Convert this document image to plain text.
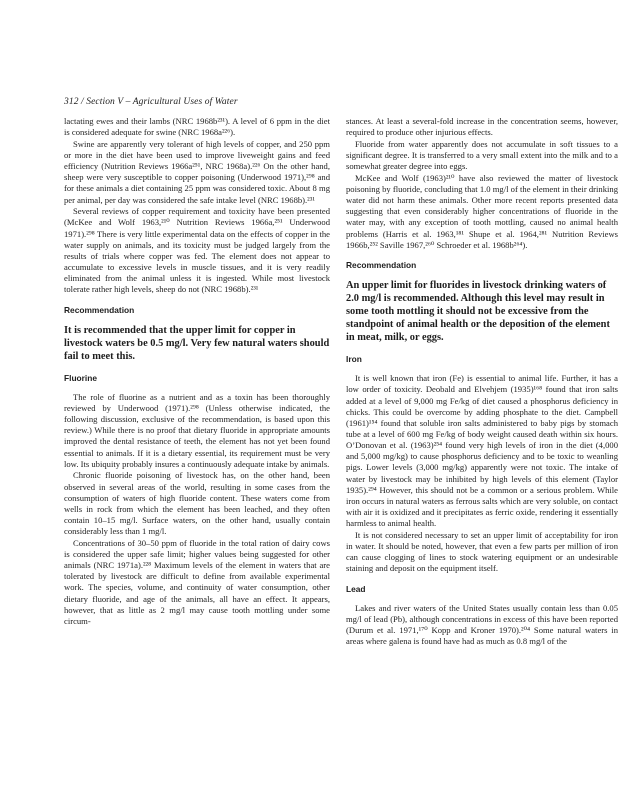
312 / Section V – Agricultural Uses of Water

lactating ewes and their lambs (NRC 1968b²³¹). A level of 6 ppm in the diet is considered adequate for swine (NRC 1968a²²⁶).

Swine are apparently very tolerant of high levels of copper, and 250 ppm or more in the diet have been used to improve liveweight gains and feed efficiency (Nutrition Reviews 1966a²⁵¹, NRC 1968a).²²⁶ On the other hand, sheep were very susceptible to copper poisoning (Underwood 1971),²⁹⁸ and for these animals a diet containing 25 ppm was considered toxic. About 8 mg per animal, per day was considered the safe intake level (NRC 1968b).²³¹

Several reviews of copper requirement and toxicity have been presented (McKee and Wolf 1963,²¹⁰ Nutrition Reviews 1966a,²⁵¹ Underwood 1971).²⁹⁸ There is very little experimental data on the effects of copper in the water supply on animals, and its toxicity must be judged largely from the results of trials where copper was fed. The element does not appear to accumulate to excessive levels in muscle tissues, and it is very readily eliminated from the animal unless it is ingested. While most livestock tolerate rather high levels, sheep do not (NRC 1968b).²³¹

Recommendation

It is recommended that the upper limit for copper in livestock waters be 0.5 mg/l. Very few natural waters should fail to meet this.

Fluorine

The role of fluorine as a nutrient and as a toxin has been thoroughly reviewed by Underwood (1971).²⁹⁸ (Unless otherwise indicated, the following discussion, exclusive of the recommendation, is based upon this review.) While there is no proof that dietary fluoride in appropriate amounts improved the dental resistance of teeth, the element has not yet been found essential to animals. If it is a dietary essential, its requirement must be very low. Its ubiquity probably insures a continuously adequate intake by animals.

Chronic fluoride poisoning of livestock has, on the other hand, been observed in several areas of the world, resulting in some cases from the consumption of waters of high fluoride content. These waters come from wells in rock from which the element has been leached, and they often contain 10–15 mg/l. Surface waters, on the other hand, usually contain considerably less than 1 mg/l.

Concentrations of 30–50 ppm of fluoride in the total ration of dairy cows is considered the upper safe limit; higher values being suggested for other animals (NRC 1971a).²²⁸ Maximum levels of the element in waters that are tolerated by livestock are difficult to define from available experimental work. The species, volume, and continuity of water consumption, other dietary fluoride, and age of the animals, all have an effect. It appears, however, that as little as 2 mg/l may cause tooth mottling under some circum-

stances. At least a several-fold increase in the concentration seems, however, required to produce other injurious effects.

Fluoride from water apparently does not accumulate in soft tissues to a significant degree. It is transferred to a very small extent into the milk and to a somewhat greater degree into eggs.

McKee and Wolf (1963)²¹⁰ have also reviewed the matter of livestock poisoning by fluoride, concluding that 1.0 mg/l of the element in their drinking water did not harm these animals. Other more recent reports presented data suggesting that even considerably higher concentrations of fluoride in the water may, with any exception of tooth mottling, caused no animal health problems (Harris et al. 1963,¹⁸¹ Shupe et al. 1964,²⁸¹ Nutrition Reviews 1966b,²⁵² Saville 1967,²⁶⁰ Schroeder et al. 1968b²⁶⁴).

Recommendation

An upper limit for fluorides in livestock drinking waters of 2.0 mg/l is recommended. Although this level may result in some tooth mottling it should not be excessive from the standpoint of animal health or the deposition of the element in meat, milk, or eggs.

Iron

It is well known that iron (Fe) is essential to animal life. Further, it has a low order of toxicity. Deobald and Elvehjem (1935)¹⁶⁸ found that iron salts added at a level of 9,000 mg Fe/kg of diet caused a phosphorus deficiency in chicks. This could be overcome by adding phosphate to the diet. Campbell (1961)¹⁵⁴ found that soluble iron salts administered to baby pigs by stomach tube at a level of 600 mg Fe/kg of body weight caused death within six hours. O’Donovan et al. (1963)²⁵⁴ found very high levels of iron in the diet (4,000 and 5,000 mg/kg) to cause phosphorus deficiency and to be toxic to weanling pigs. Lower levels (3,000 mg/kg) apparently were not toxic. The intake of water by livestock may be inhibited by high levels of this element (Taylor 1935).²⁹⁴ However, this should not be a common or a serious problem. While iron occurs in natural waters as ferrous salts which are very soluble, on contact with air it is oxidized and it precipitates as ferric oxide, rendering it essentially harmless to animal health.

It is not considered necessary to set an upper limit of acceptability for iron in water. It should be noted, however, that even a few parts per million of iron can cause clogging of lines to stock watering equipment or an undesirable staining and deposit on the equipment itself.

Lead

Lakes and river waters of the United States usually contain less than 0.05 mg/l of lead (Pb), although concentrations in excess of this have been reported (Durum et al. 1971,¹⁷⁰ Kopp and Kroner 1970).²⁰⁴ Some natural waters in areas where galena is found have had as much as 0.8 mg/l of the
